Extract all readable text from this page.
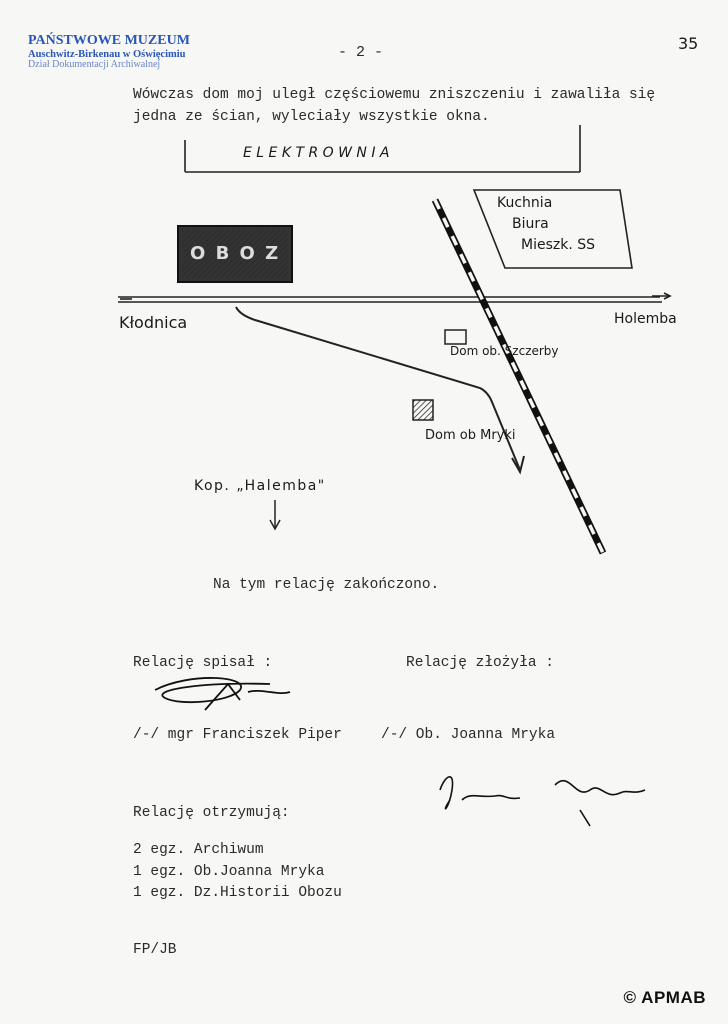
PAŃSTWOWE MUZEUM
Auschwitz-Birkenau w Oświęcimiu
Dział Dokumentacji Archiwalnej
- 2 -	35
Wówczas dom moj uległ częściowemu zniszczeniu i zawaliła się
jedna ze ścian, wyleciały wszystkie okna.
E L E K T R O W N I A
O B O Z
Kuchnia
Biura
Mieszk. SS
Kłodnica	Holemba
Dom ob. Szczerby
Dom ob Mryki
Kop. „Halemba"
Na tym relację zakończono.
Relację spisał :	Relację złożyła :
/-/ mgr Franciszek Piper	/-/ Ob. Joanna Mryka
Relację otrzymują:
2 egz. Archiwum
1 egz. Ob.Joanna Mryka
1 egz. Dz.Historii Obozu
FP/JB
© APMAB
